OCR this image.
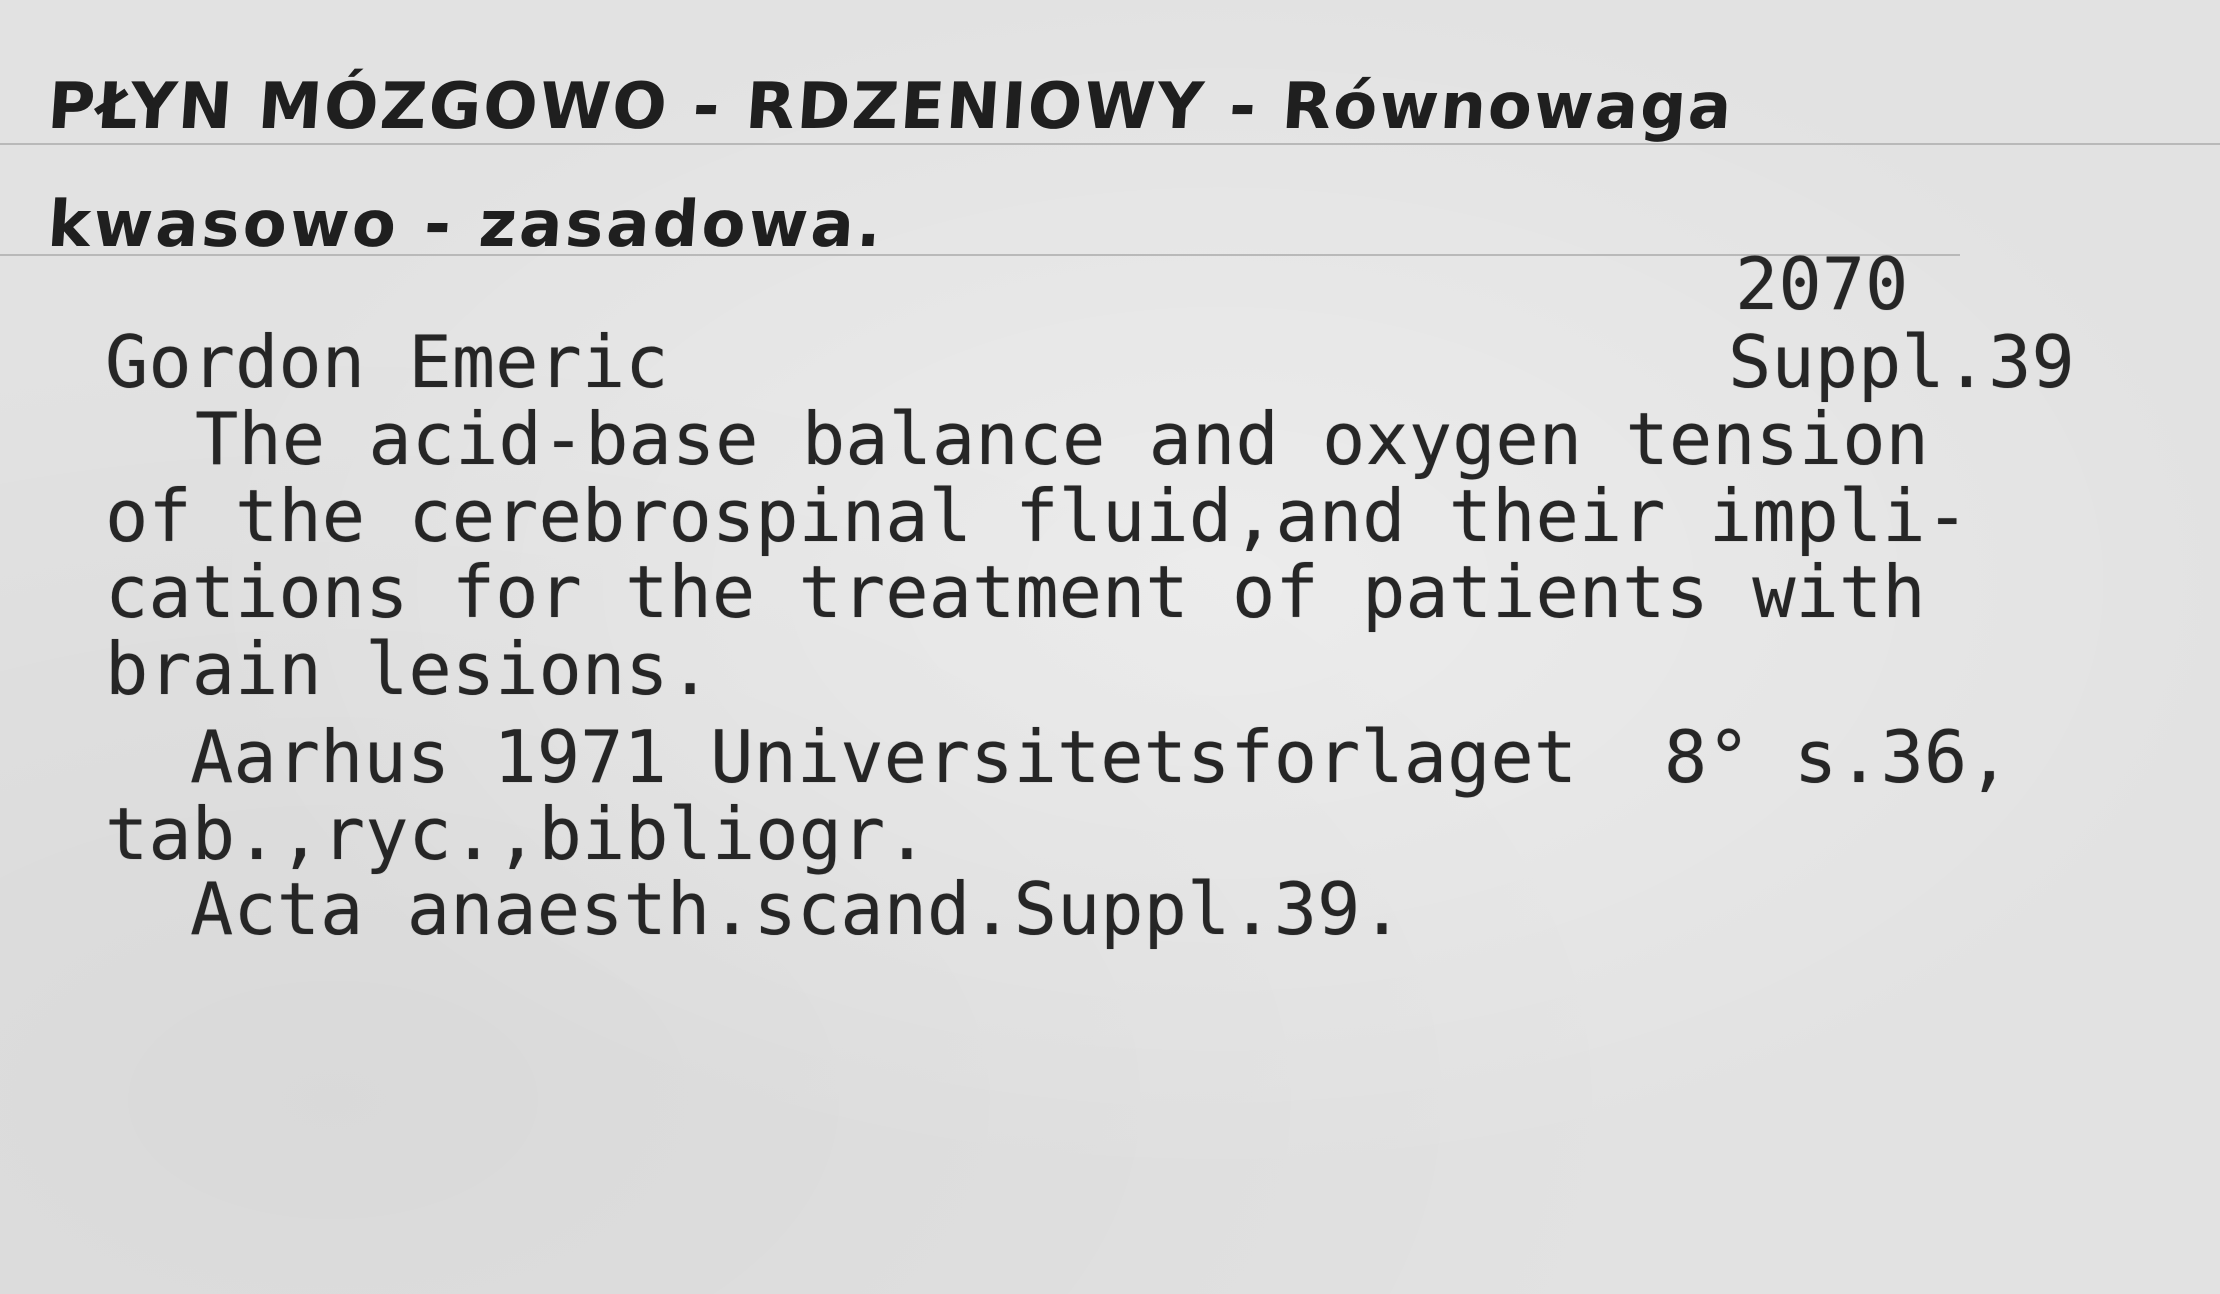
PŁYN MÓZGOWO - RDZENIOWY - Równowaga
kwasowo - zasadowa.
2070
Suppl.39
Gordon Emeric
The acid-base balance and oxygen tension
of the cerebrospinal fluid,and their impli-
cations for the treatment of patients with
brain lesions.
Aarhus 1971 Universitetsforlaget  8° s.36,
tab.,ryc.,bibliogr.
Acta anaesth.scand.Suppl.39.
